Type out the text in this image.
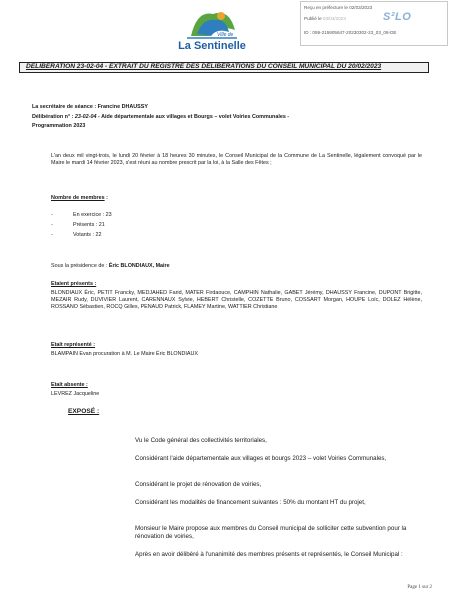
Ville de
La Sentinelle
Reçu en préfecture le 02/03/2023
Publié le 03/03/2023	S²LO
ID : 059-215905647-20230302-23_03_08-DE
DELIBERATION 23-02-04 - EXTRAIT DU REGISTRE DES DÉLIBÉRATIONS DU CONSEIL MUNICIPAL DU 20/02/2023
La secrétaire de séance : Francine DHAUSSY
Délibération n° : 23-02-04 - Aide départementale aux villages et Bourgs – volet Voiries Communales -
Programmation 2023
L'an deux mil vingt-trois, le lundi 20 février à 18 heures 30 minutes, le Conseil Municipal de la Commune de La Sentinelle, légalement convoqué par le Maire le mardi 14 février 2023, s'est réuni au nombre prescrit par la loi, à la Salle des Fêtes ;
Nombre de membres :
-	En exercice : 23
-	Présents : 21
-	Votants : 22
Sous la présidence de : Éric BLONDIAUX, Maire
Etaient présents :
BLONDIAUX Éric, PETIT Francky, MEDJAHED Farid, MATER Firdaouce, CAMPHIN Nathalie, GABET Jérémy, DHAUSSY Francine, DUPONT Brigitte, MEZAIR Rudy, DUVIVIER Laurent, CARENNAUX Sylvie, HEBERT Christelle, COZETTE Bruno, COSSART Morgan, HOUPE Loïc, DOLEZ Hélène, ROSSANO Sébastien, ROCQ Gilles, PENAUD Patrick, FLAMEY Martine, WATTIER Christiane
Etait représenté :
BLAMPAIN Evan procuration à M. Le Maire Éric BLONDIAUX
Etait absente :
LEVREZ Jacqueline
EXPOSÉ :
Vu le Code général des collectivités territoriales,
Considérant l'aide départementale aux villages et bourgs 2023 – volet Voiries Communales,
Considérant le projet de rénovation de voiries,
Considérant les modalités de financement suivantes : 50% du montant HT du projet,
Monsieur le Maire propose aux membres du Conseil municipal de solliciter cette subvention pour la rénovation de voiries,
Après en avoir délibéré à l'unanimité des membres présents et représentés, le Conseil Municipal :
Page 1 sur 2
